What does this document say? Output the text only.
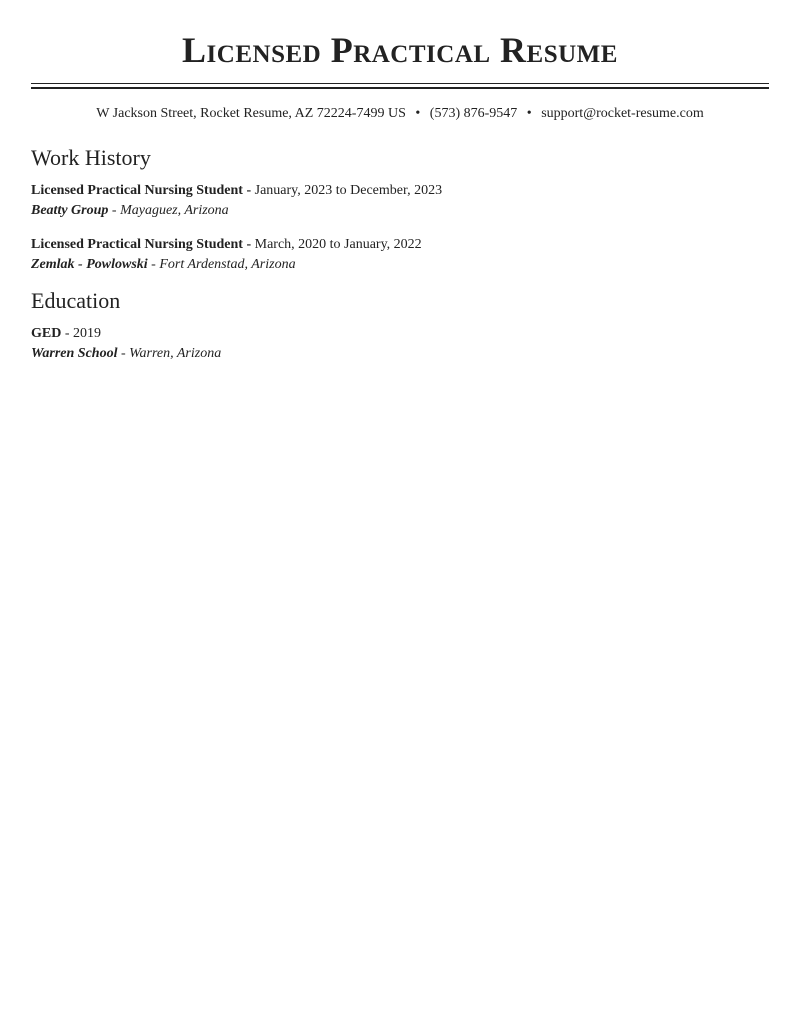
Licensed Practical Resume
W Jackson Street, Rocket Resume, AZ 72224-7499 US • (573) 876-9547 • support@rocket-resume.com
Work History
Licensed Practical Nursing Student - January, 2023 to December, 2023
Beatty Group - Mayaguez, Arizona
Licensed Practical Nursing Student - March, 2020 to January, 2022
Zemlak - Powlowski - Fort Ardenstad, Arizona
Education
GED - 2019
Warren School - Warren, Arizona
